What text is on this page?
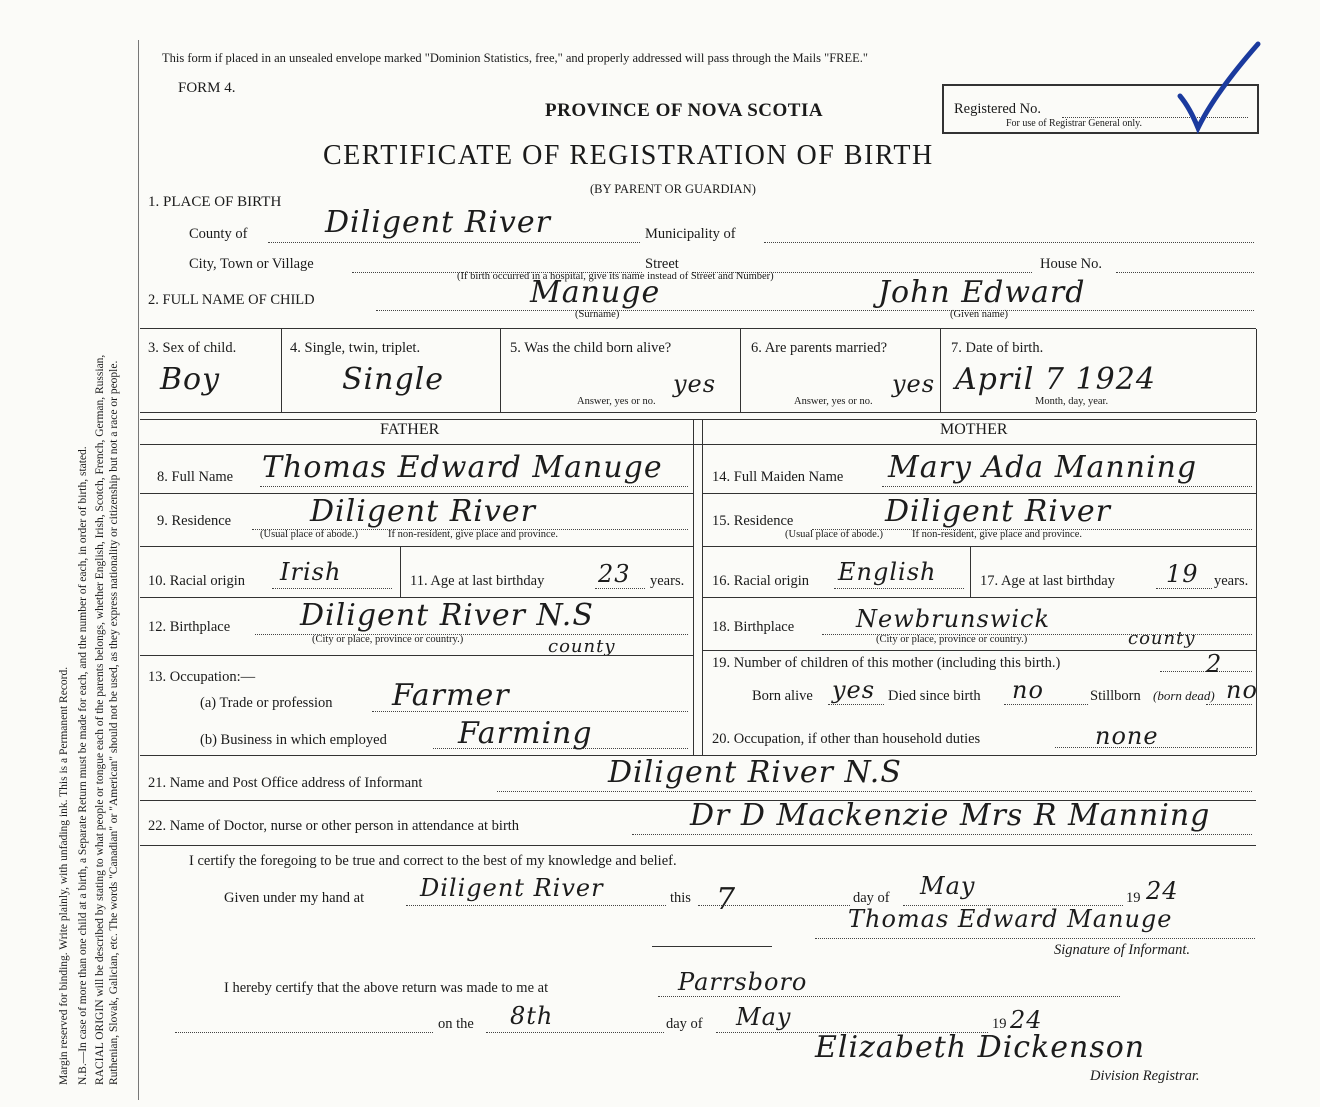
Margin reserved for binding. Write plainly, with unfading ink. This is a Permanent Record. N.B.—In case of more than one child at a birth, a Separate Return must be made for each, and the number of each, in order of birth, stated. RACIAL ORIGIN will be described by stating to what people or tongue each of the parents belongs, whether English, Irish, Scotch, French, German, Russian, Ruthenian, Slovak, Galician, etc. The words "Canadian" or "American" should not be used, as they express nationality or citizenship but not a race or people.
This form if placed in an unsealed envelope marked "Dominion Statistics, free," and properly addressed will pass through the Mails "FREE."
FORM 4.
PROVINCE OF NOVA SCOTIA	Registered No.
For use of Registrar General only.
CERTIFICATE OF REGISTRATION OF BIRTH
(BY PARENT OR GUARDIAN)
1. PLACE OF BIRTH
County of	Diligent River	Municipality of
City, Town or Village	Street	House No.
(If birth occurred in a hospital, give its name instead of Street and Number)
2. FULL NAME OF CHILD	Manuge	John Edward
(Surname)	(Given name)
3. Sex of child.
Boy
4. Single, twin, triplet.
Single
5. Was the child born alive?
yes
Answer, yes or no.
6. Are parents married?
yes
Answer, yes or no.
7. Date of birth.
April 7 1924
Month, day, year.
FATHER	MOTHER
8. Full Name Thomas Edward Manuge
9. Residence	Diligent River
(Usual place of abode.)	If non-resident, give place and province.
10. Racial origin Irish	11. Age at last birthday 23 years.
12. Birthplace Diligent River N.S
county
(City or place, province or country.)
13. Occupation:—
(a) Trade or profession Farmer
(b) Business in which employed Farming
14. Full Maiden Name Mary Ada Manning
15. Residence	Diligent River
(Usual place of abode.)	If non-resident, give place and province.
16. Racial origin English	17. Age at last birthday 19 years.
18. Birthplace	Newbrunswick
county
(City or place, province or country.)
19. Number of children of this mother (including this birth.)	2
Born alive yes Died since birth no	Stillborn (born dead) no
20. Occupation, if other than household duties	none
21. Name and Post Office address of Informant	Diligent River N.S
22. Name of Doctor, nurse or other person in attendance at birth	Dr D Mackenzie Mrs R Manning
I certify the foregoing to be true and correct to the best of my knowledge and belief.
Given under my hand at Diligent River	this 7	day of May	19 24
Thomas Edward Manuge
Signature of Informant.
I hereby certify that the above return was made to me at	Parrsboro
on the 8th	day of May	19 24
Elizabeth Dickenson
Division Registrar.
